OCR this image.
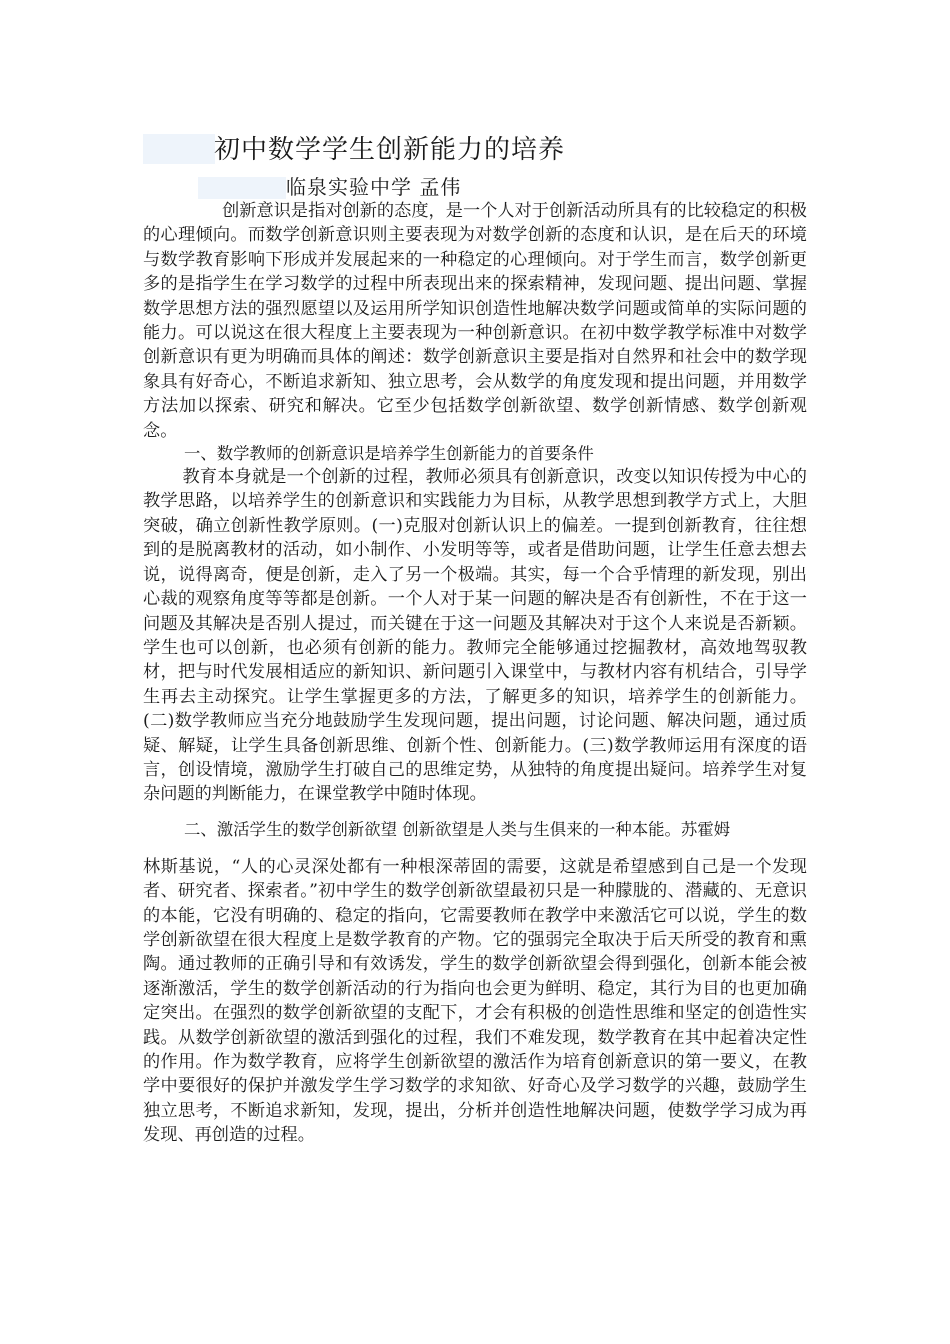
初中数学学生创新能力的培养
临泉实验中学 孟伟

创新意识是指对创新的态度，是一个人对于创新活动所具有的比较稳定的积极的心理倾向。而数学创新意识则主要表现为对数学创新的态度和认识，是在后天的环境与数学教育影响下形成并发展起来的一种稳定的心理倾向。对于学生而言，数学创新更多的是指学生在学习数学的过程中所表现出来的探索精神，发现问题、提出问题、掌握数学思想方法的强烈愿望以及运用所学知识创造性地解决数学问题或简单的实际问题的能力。可以说这在很大程度上主要表现为一种创新意识。在初中数学教学标准中对数学创新意识有更为明确而具体的阐述：数学创新意识主要是指对自然界和社会中的数学现象具有好奇心，不断追求新知、独立思考，会从数学的角度发现和提出问题，并用数学方法加以探索、研究和解决。它至少包括数学创新欲望、数学创新情感、数学创新观念。

一、数学教师的创新意识是培养学生创新能力的首要条件

教育本身就是一个创新的过程，教师必须具有创新意识，改变以知识传授为中心的教学思路，以培养学生的创新意识和实践能力为目标，从教学思想到教学方式上，大胆突破，确立创新性教学原则。(一)克服对创新认识上的偏差。一提到创新教育，往往想到的是脱离教材的活动，如小制作、小发明等等，或者是借助问题，让学生任意去想去说，说得离奇，便是创新，走入了另一个极端。其实，每一个合乎情理的新发现，别出心裁的观察角度等等都是创新。一个人对于某一问题的解决是否有创新性，不在于这一问题及其解决是否别人提过，而关键在于这一问题及其解决对于这个人来说是否新颖。学生也可以创新，也必须有创新的能力。教师完全能够通过挖掘教材，高效地驾驭教材，把与时代发展相适应的新知识、新问题引入课堂中，与教材内容有机结合，引导学生再去主动探究。让学生掌握更多的方法，了解更多的知识，培养学生的创新能力。(二)数学教师应当充分地鼓励学生发现问题，提出问题，讨论问题、解决问题，通过质疑、解疑，让学生具备创新思维、创新个性、创新能力。(三)数学教师运用有深度的语言，创设情境，激励学生打破自己的思维定势，从独特的角度提出疑问。培养学生对复杂问题的判断能力，在课堂教学中随时体现。

二、激活学生的数学创新欲望 创新欲望是人类与生俱来的一种本能。苏霍姆

林斯基说，“人的心灵深处都有一种根深蒂固的需要，这就是希望感到自己是一个发现者、研究者、探索者。”初中学生的数学创新欲望最初只是一种朦胧的、潜藏的、无意识的本能，它没有明确的、稳定的指向，它需要教师在教学中来激活它可以说，学生的数学创新欲望在很大程度上是数学教育的产物。它的强弱完全取决于后天所受的教育和熏陶。通过教师的正确引导和有效诱发，学生的数学创新欲望会得到强化，创新本能会被逐渐激活，学生的数学创新活动的行为指向也会更为鲜明、稳定，其行为目的也更加确定突出。在强烈的数学创新欲望的支配下，才会有积极的创造性思维和坚定的创造性实践。从数学创新欲望的激活到强化的过程，我们不难发现，数学教育在其中起着决定性的作用。作为数学教育，应将学生创新欲望的激活作为培育创新意识的第一要义，在教学中要很好的保护并激发学生学习数学的求知欲、好奇心及学习数学的兴趣，鼓励学生独立思考，不断追求新知，发现，提出，分析并创造性地解决问题，使数学学习成为再发现、再创造的过程。
